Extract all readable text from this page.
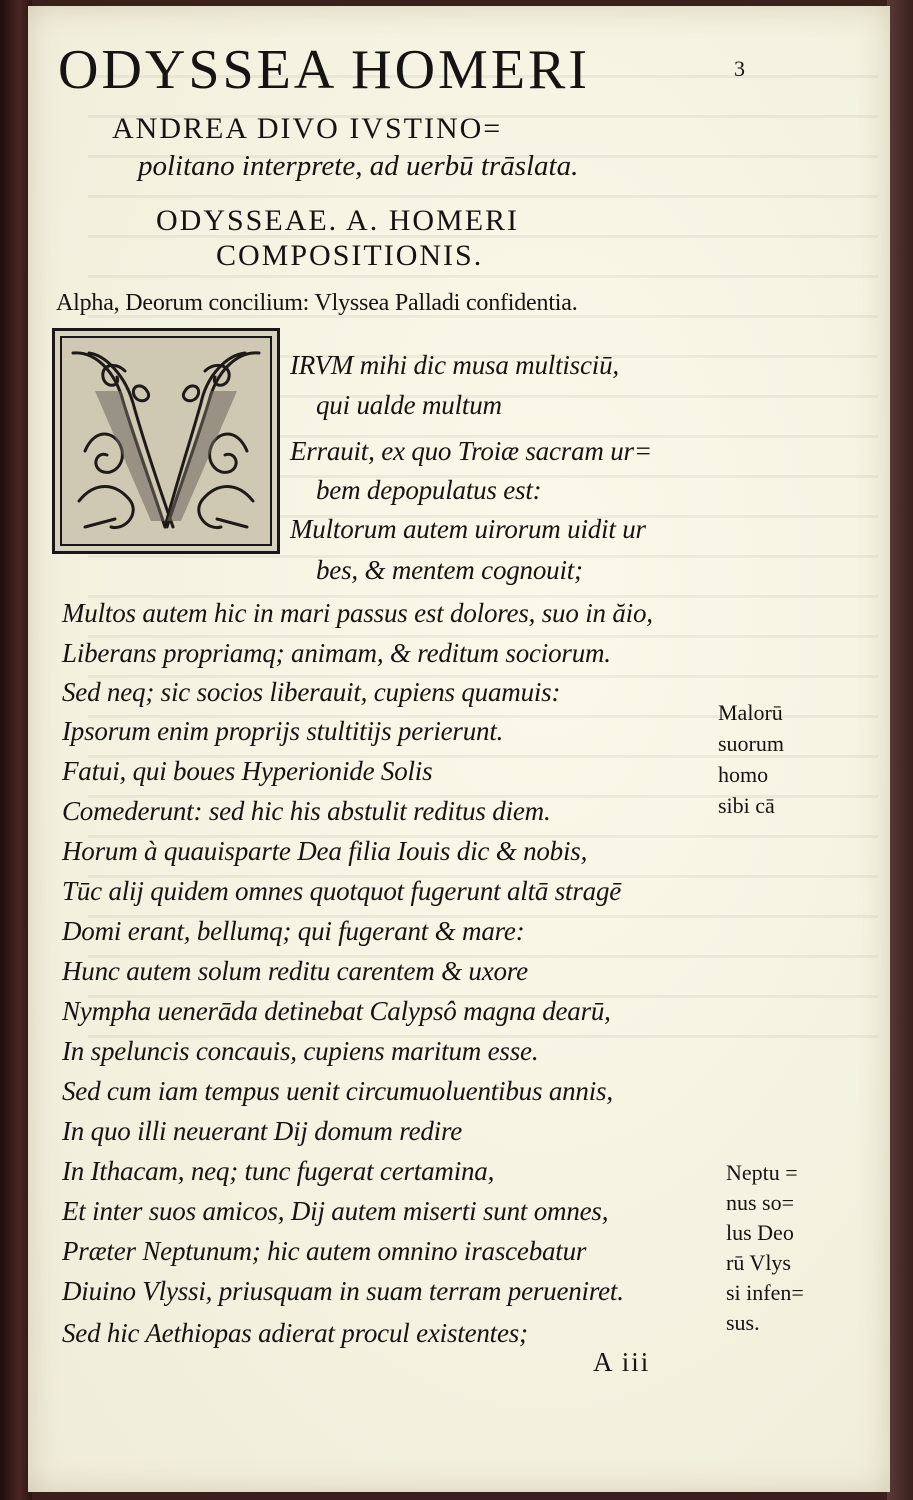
ODYSSEA HOMERI	3
ANDREA DIVO IVSTINO=
politano interprete, ad uerbū trāslata.
ODYSSEAE. A. HOMERI
COMPOSITIONIS.
Alpha, Deorum concilium: Vlyssea Palladi confidentia.
IRVM mihi dic musa multisciū,
qui ualde multum
Errauit, ex quo Troiæ sacram ur=
bem depopulatus est:
Multorum autem uirorum uidit ur
bes, & mentem cognouit;
Multos autem hic in mari passus est dolores, suo in ăio,
Liberans propriamq; animam, & reditum sociorum.
Sed neq; sic socios liberauit, cupiens quamuis:
Ipsorum enim proprijs stultitijs perierunt.
Fatui, qui boues Hyperionide Solis
Comederunt: sed hic his abstulit reditus diem.
Horum à quauisparte Dea filia Iouis dic & nobis,
Tūc alij quidem omnes quotquot fugerunt altā stragē
Domi erant, bellumq; qui fugerant & mare:
Hunc autem solum reditu carentem & uxore
Nympha uenerāda detinebat Calypsô magna dearū,
In speluncis concauis, cupiens maritum esse.
Sed cum iam tempus uenit circumuoluentibus annis,
In quo illi neuerant Dij domum redire
In Ithacam, neq; tunc fugerat certamina,
Et inter suos amicos, Dij autem miserti sunt omnes,
Præter Neptunum; hic autem omnino irascebatur
Diuino Vlyssi, priusquam in suam terram perueniret.
Sed hic Aethiopas adierat procul existentes;
Malorū
suorum
homo
sibi cā
Neptu =
nus so=
lus Deo
rū Vlys
si infen=
sus.
A iii
